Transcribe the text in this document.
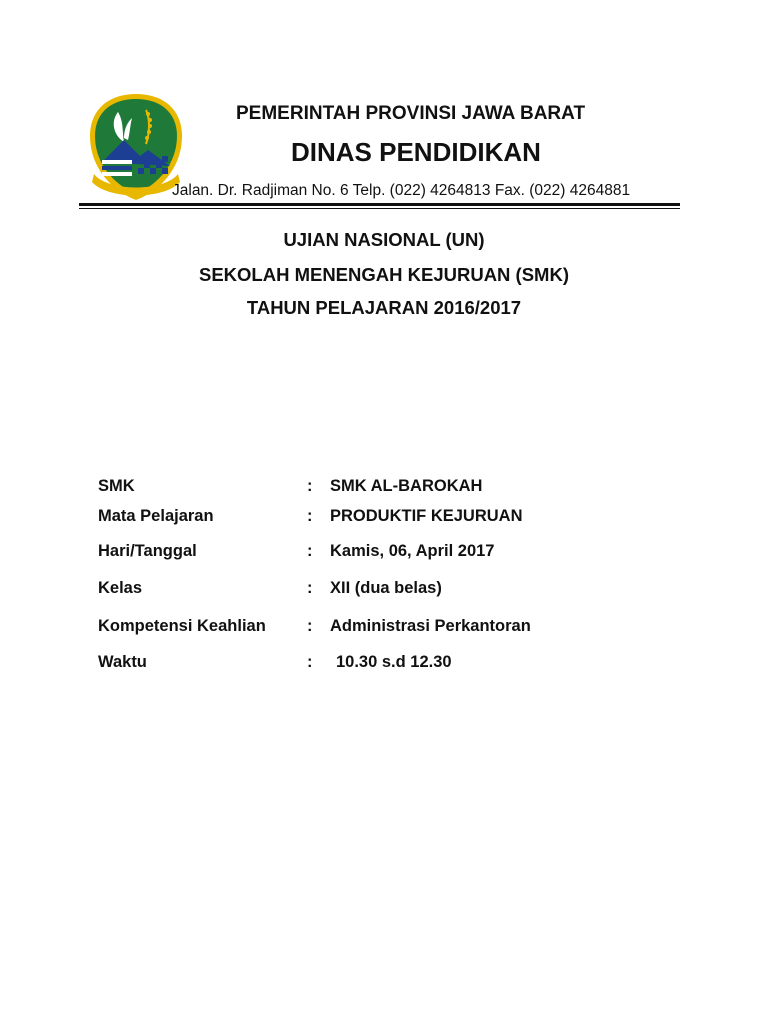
PEMERINTAH PROVINSI JAWA BARAT
DINAS PENDIDIKAN
Jalan. Dr. Radjiman No. 6 Telp. (022) 4264813 Fax. (022) 4264881
UJIAN NASIONAL (UN)
SEKOLAH MENENGAH KEJURUAN (SMK)
TAHUN PELAJARAN 2016/2017
SMK	: SMK AL-BAROKAH
Mata Pelajaran	: PRODUKTIF KEJURUAN
Hari/Tanggal	: Kamis, 06, April 2017
Kelas	: XII (dua belas)
Kompetensi Keahlian : Administrasi Perkantoran
Waktu	: 10.30 s.d 12.30
